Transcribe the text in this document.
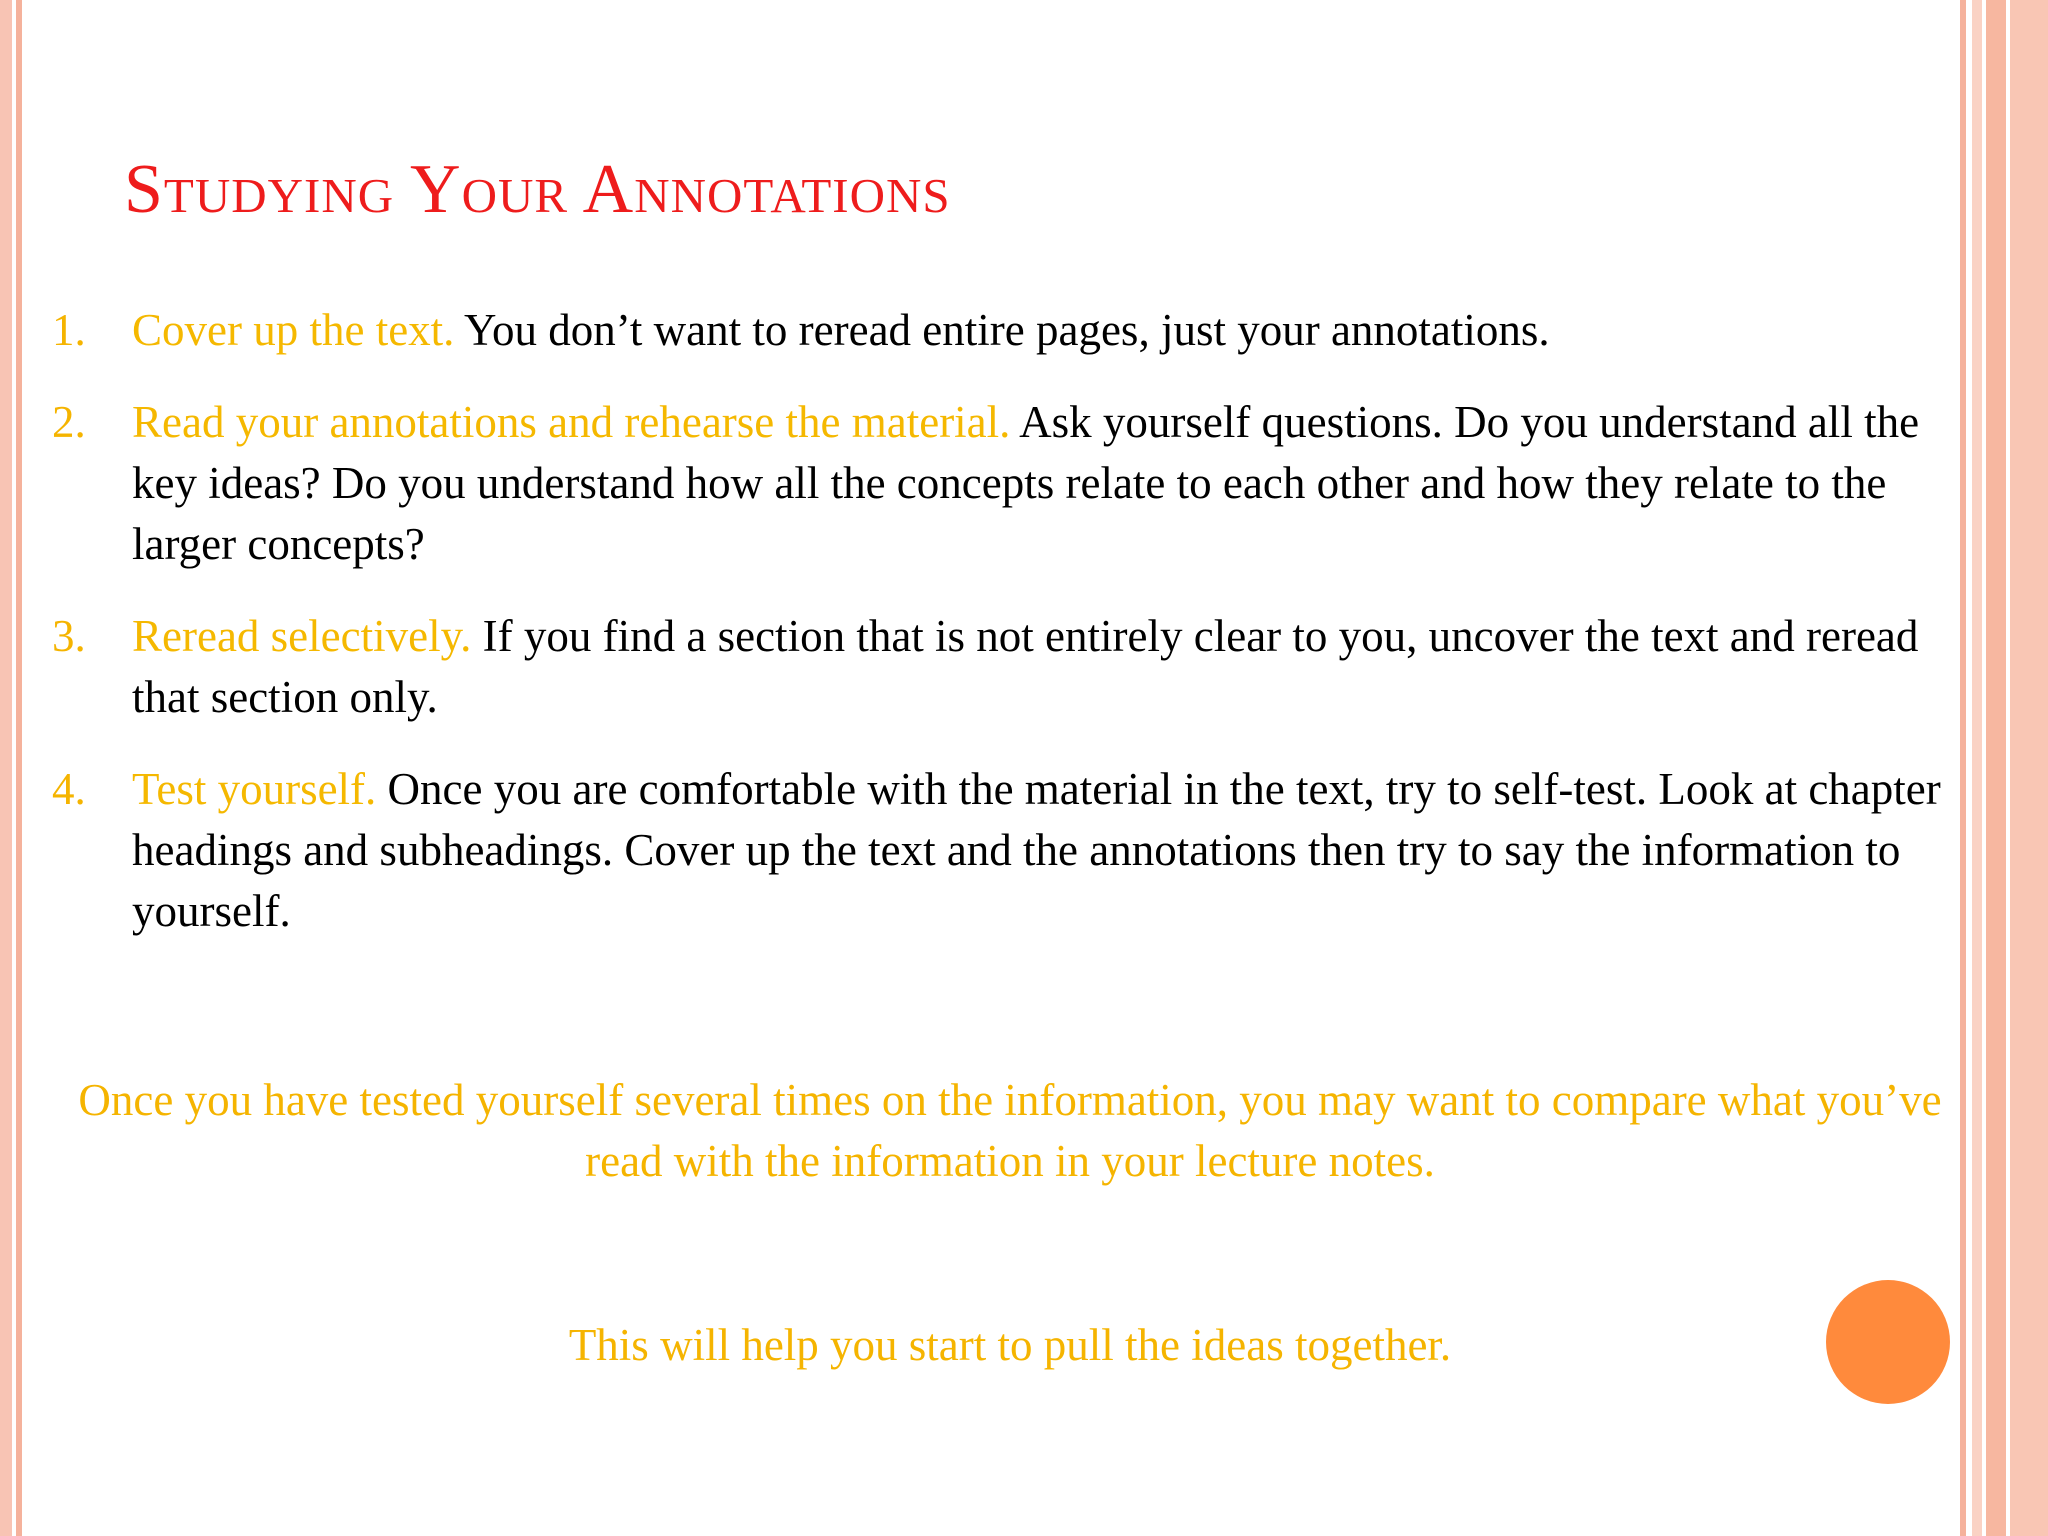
Studying Your Annotations
1. Cover up the text. You don’t want to reread entire pages, just your annotations.
2. Read your annotations and rehearse the material. Ask yourself questions. Do you understand all the key ideas? Do you understand how all the concepts relate to each other and how they relate to the larger concepts?
3. Reread selectively. If you find a section that is not entirely clear to you, uncover the text and reread that section only.
4. Test yourself. Once you are comfortable with the material in the text, try to self-test. Look at chapter headings and subheadings. Cover up the text and the annotations then try to say the information to yourself.

Once you have tested yourself several times on the information, you may want to compare what you’ve read with the information in your lecture notes.

This will help you start to pull the ideas together.
